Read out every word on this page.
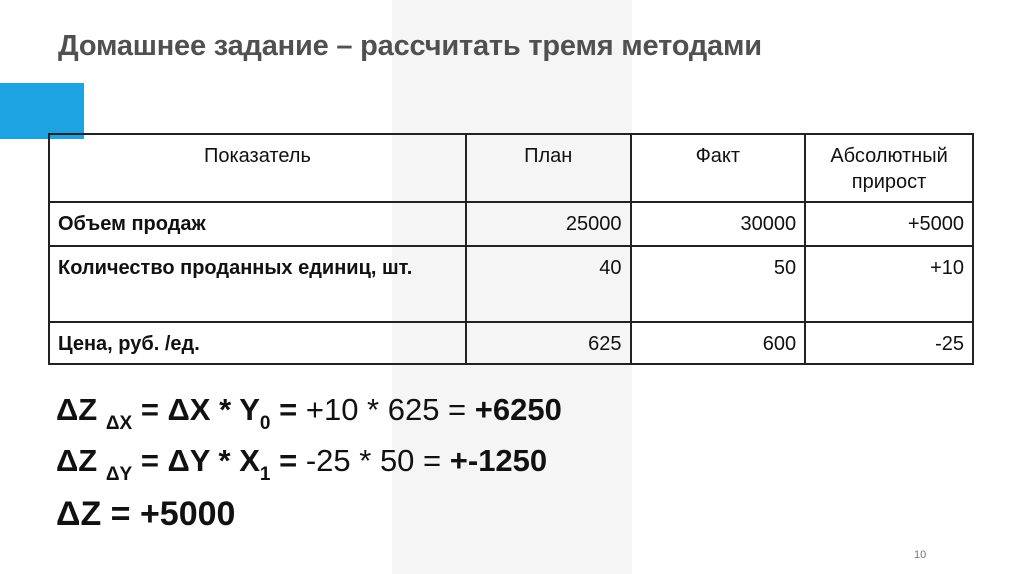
Домашнее задание – рассчитать тремя методами
Показатель	План	Факт	Абсолютный прирост
Объем продаж	25000	30000	+5000
Количество проданных единиц, шт.	40	50	+10
Цена, руб. /ед.	625	600	-25
ΔZ $_{\Delta X} = \Delta X * Y_0 = +10 * 625 = +6250$
ΔZ $_{\Delta Y} = \Delta Y * X_1 = -25 * 50 = +-1250$
ΔZ = +5000
10
